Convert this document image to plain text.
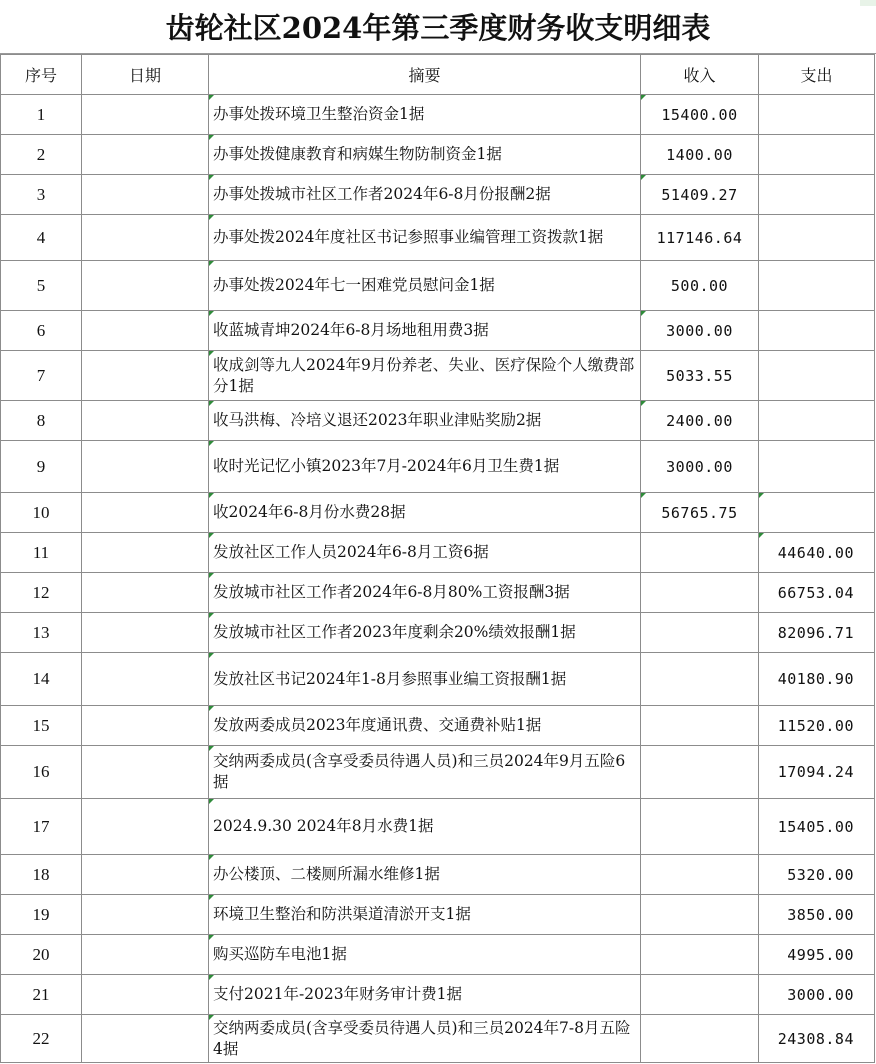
齿轮社区2024年第三季度财务收支明细表
序号	日期	摘要	收入	支出
1		办事处拨环境卫生整治资金1据	15400.00

2		办事处拨健康教育和病媒生物防制资金1据	1400.00	
3		办事处拨城市社区工作者2024年6-8月份报酬2据	51409.27

4		办事处拨2024年度社区书记参照事业编管理工资拨款1据	117146.64	
5		办事处拨2024年七一困难党员慰问金1据	500.00	
6		收蓝城青坤2024年6-8月场地租用费3据	3000.00

7		收成剑等九人2024年9月份养老、失业、医疗保险个人缴费部分1据	5033.55	
8		收马洪梅、冷培义退还2023年职业津贴奖励2据	2400.00

9		收时光记忆小镇2023年7月-2024年6月卫生费1据	3000.00	
10		收2024年6-8月份水费28据	56765.75

11		发放社区工作人员2024年6-8月工资6据		44640.00

12		发放城市社区工作者2024年6-8月80%工资报酬3据		66753.04
13		发放城市社区工作者2023年度剩余20%绩效报酬1据		82096.71
14		发放社区书记2024年1-8月参照事业编工资报酬1据		40180.90
15		发放两委成员2023年度通讯费、交通费补贴1据		11520.00
16		交纳两委成员(含享受委员待遇人员)和三员2024年9月五险6据		17094.24
17		2024.9.30 2024年8月水费1据		15405.00
18		办公楼顶、二楼厕所漏水维修1据		5320.00
19		环境卫生整治和防洪渠道清淤开支1据		3850.00
20		购买巡防车电池1据		4995.00
21		支付2021年-2023年财务审计费1据		3000.00
22		交纳两委成员(含享受委员待遇人员)和三员2024年7-8月五险4据		24308.84
